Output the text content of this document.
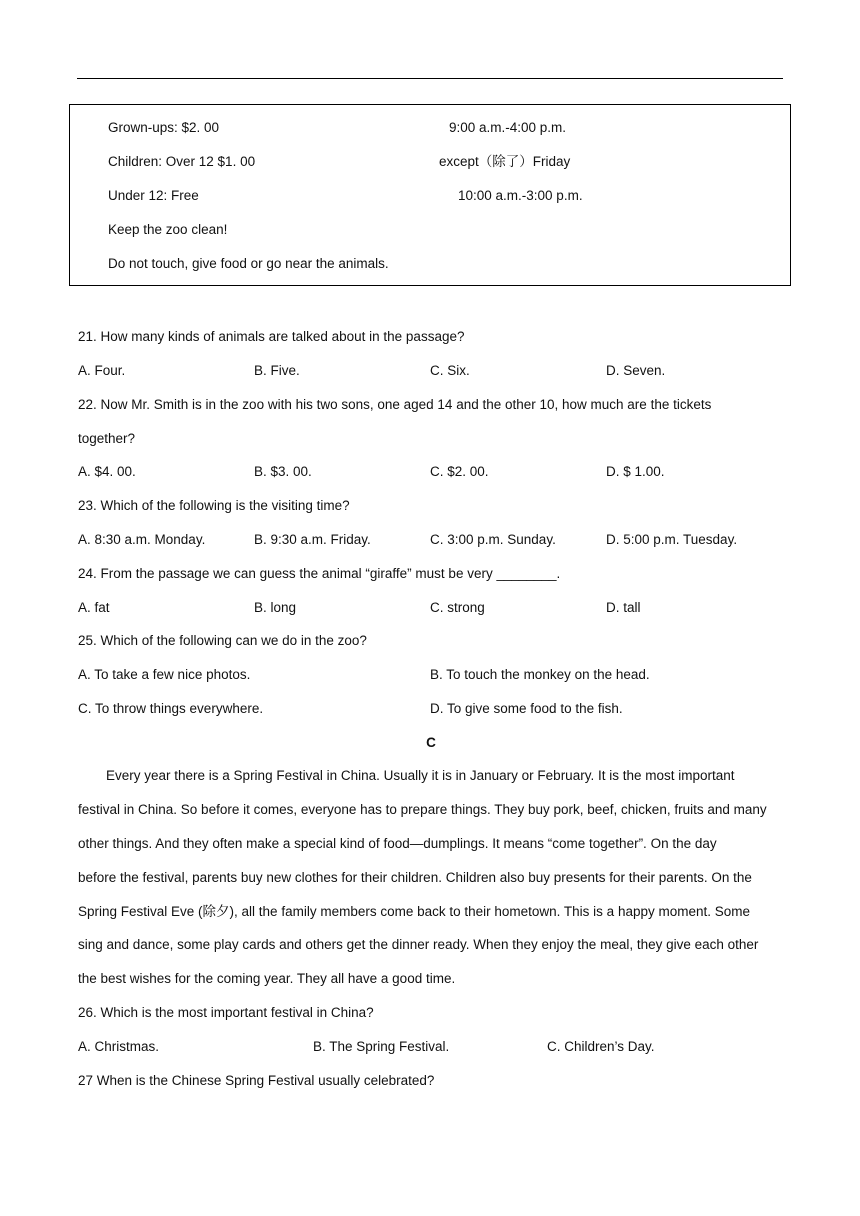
Grown-ups: $2. 00
Children: Over 12 $1. 00
Under 12: Free
Keep the zoo clean!
Do not touch, give food or go near the animals.
9:00 a.m.-4:00 p.m.
except（除了）Friday
10:00 a.m.-3:00 p.m.
21. How many kinds of animals are talked about in the passage?
A. Four.	B. Five.	C. Six.	D. Seven.
22. Now Mr. Smith is in the zoo with his two sons, one aged 14 and the other 10, how much are the tickets
together?
A. $4. 00.	B. $3. 00.	C. $2. 00.	D. $ 1.00.
23. Which of the following is the visiting time?
A. 8:30 a.m. Monday.	B. 9:30 a.m. Friday.	C. 3:00 p.m. Sunday.	D. 5:00 p.m. Tuesday.
24. From the passage we can guess the animal “giraffe” must be very ________.
A. fat	B. long	C. strong	D. tall
25. Which of the following can we do in the zoo?
A. To take a few nice photos.	B. To touch the monkey on the head.
C. To throw things everywhere.	D. To give some food to the fish.
C
Every year there is a Spring Festival in China. Usually it is in January or February. It is the most important
festival in China. So before it comes, everyone has to prepare things. They buy pork, beef, chicken, fruits and many
other things. And they often make a special kind of food—dumplings. It means “come together”. On the day
before the festival, parents buy new clothes for their children. Children also buy presents for their parents. On the
Spring Festival Eve (除夕), all the family members come back to their hometown. This is a happy moment. Some
sing and dance, some play cards and others get the dinner ready. When they enjoy the meal, they give each other
the best wishes for the coming year. They all have a good time.
26. Which is the most important festival in China?
A. Christmas.	B. The Spring Festival.	C. Children’s Day.
27 When is the Chinese Spring Festival usually celebrated?
